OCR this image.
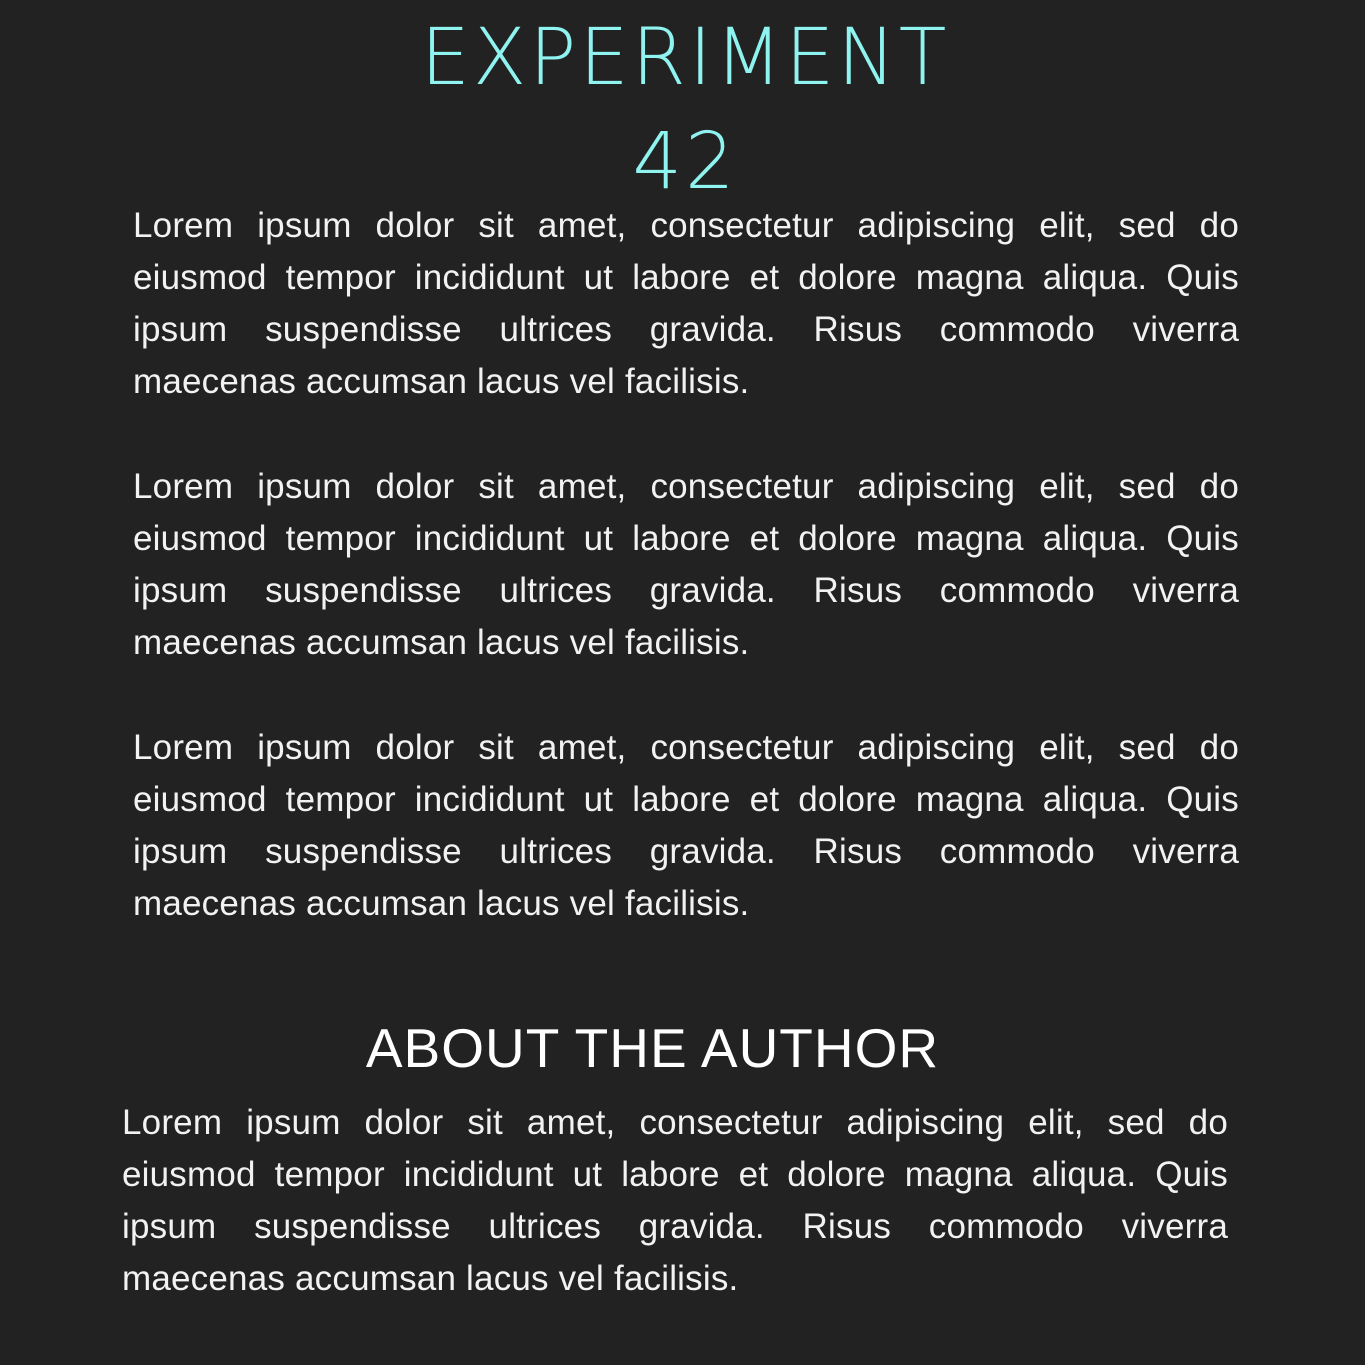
EXPERIMENT
42

Lorem ipsum dolor sit amet, consectetur adipiscing elit, sed do eiusmod tempor incididunt ut labore et dolore magna aliqua. Quis ipsum suspendisse ultrices gravida. Risus commodo viverra maecenas accumsan lacus vel facilisis.

Lorem ipsum dolor sit amet, consectetur adipiscing elit, sed do eiusmod tempor incididunt ut labore et dolore magna aliqua. Quis ipsum suspendisse ultrices gravida. Risus commodo viverra maecenas accumsan lacus vel facilisis.

Lorem ipsum dolor sit amet, consectetur adipiscing elit, sed do eiusmod tempor incididunt ut labore et dolore magna aliqua. Quis ipsum suspendisse ultrices gravida. Risus commodo viverra maecenas accumsan lacus vel facilisis.

ABOUT THE AUTHOR

Lorem ipsum dolor sit amet, consectetur adipiscing elit, sed do eiusmod tempor incididunt ut labore et dolore magna aliqua. Quis ipsum suspendisse ultrices gravida. Risus commodo viverra maecenas accumsan lacus vel facilisis.
